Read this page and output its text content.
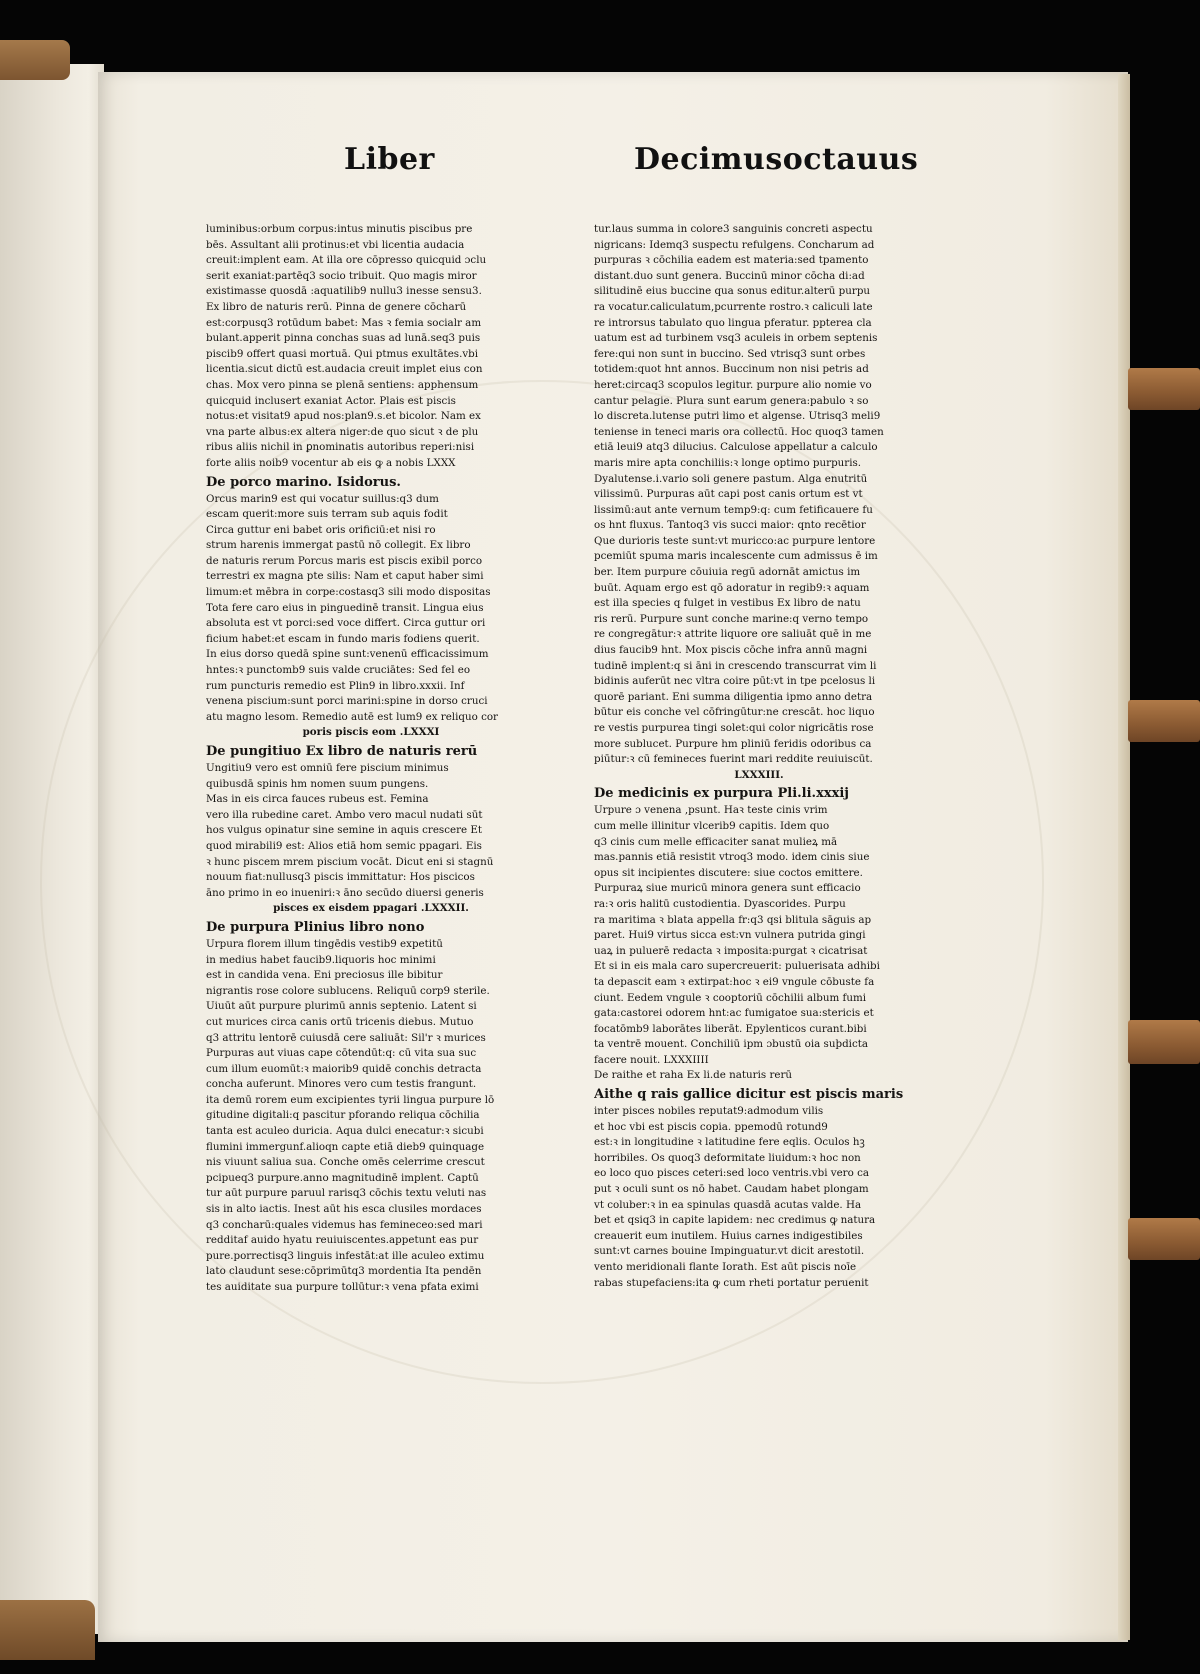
Liber	Decimusoctauus
luminibus:orbum corpus:intus minutis piscibus pre
bēs. Assultant alii protinus:et vbi licentia audacia
creuit:implent eam. At illa ore cōpresso quicquid ɔclu
serit exaniat:partēq3 socio tribuit. Quo magis miror
existimasse quosdā :aquatilib9 nullu3 inesse sensu3.
Ex libro de naturis rerū. Pinna de genere cōcharū
est:corpusq3 rotūdum babet: Mas ꝛ femia socialr am
bulant.apperit pinna conchas suas ad lunā.seq3 puis
piscib9 offert quasi mortuā. Qui ptmus exultātes.vbi
licentia.sicut dictū est.audacia creuit implet eius con
chas. Mox vero pinna se plenā sentiens: apphensum
quicquid inclusert exaniat Actor. Plais est piscis
notus:et visitat9 apud nos:plan9.s.et bicolor. Nam ex
vna parte albus:ex altera niger:de quo sicut ꝛ de plu
ribus aliis nichil in ꝑnominatis autoribus reperi:nisi
forte aliis noib9 vocentur ab eis ꝙ a nobis LXXX
De porco marino. Isidorus.
Orcus marin9 est qui vocatur suillus:q3 dum
escam querit:more suis terram sub aquis fodit
Circa guttur eni babet oris orificiū:et nisi ro
strum harenis immergat pastū nō collegit. Ex libro
de naturis rerum Porcus maris est piscis exibil porco
terrestri ex magna pte silis: Nam et caput haber simi
limum:et mēbra in corpe:costasq3 sili modo dispositas
Tota fere caro eius in pinguedinē transit. Lingua eius
absoluta est vt porci:sed voce differt. Circa guttur ori
ficium habet:et escam in fundo maris fodiens querit.
In eius dorso quedā spine sunt:venenū efficacissimum
hntes:ꝛ punctomb9 suis valde cruciātes: Sed fel eo
rum puncturis remedio est Plin9 in libro.xxxii. Inf
venena piscium:sunt porci marini:spine in dorso cruci
atu magno lesom. Remedio autē est lum9 ex reliquo cor
poris piscis eom .LXXXI
De pungitiuo Ex libro de naturis rerū
Ungitiu9 vero est omniū fere piscium minimus
quibusdā spinis hm nomen suum pungens.
Mas in eis circa fauces rubeus est. Femina
vero illa rubedine caret. Ambo vero macul nudati sūt
hos vulgus opinatur sine semine in aquis crescere Et
quod mirabili9 est: Alios etiā hom semic ppagari. Eis
ꝛ hunc piscem mrem piscium vocāt. Dicut eni si stagnū
nouum fiat:nullusq3 piscis immittatur: Hos piscicos
āno primo in eo inueniri:ꝛ āno secūdo diuersi generis
pisces ex eisdem ppagari .LXXXII.
De purpura Plinius libro nono
Urpura florem illum tingēdis vestib9 expetitū
in medius habet faucib9.liquoris hoc minimi
est in candida vena. Eni preciosus ille bibitur
nigrantis rose colore sublucens. Reliquū corp9 sterile.
Uiuūt aūt purpure plurimū annis septenio. Latent si
cut murices circa canis ortū tricenis diebus. Mutuo
q3 attritu lentorē cuiusdā cere saliuāt: Sil'r ꝛ murices
Purpuras aut viuas cape cōtendūt:q: cū vita sua suc
cum illum euomūt:ꝛ maiorib9 quidē conchis detracta
concha auferunt. Minores vero cum testis frangunt.
ita demū rorem eum excipientes tyrii lingua purpure lō
gitudine digitali:q pascitur pforando reliqua cōchilia
tanta est aculeo duricia. Aqua dulci enecatur:ꝛ sicubi
flumini immergunf.alioqn capte etiā dieb9 quinquage
nis viuunt saliua sua. Conche omēs celerrime crescut
pcipueq3 purpure.anno magnitudinē implent. Captū
tur aūt purpure paruul rarisq3 cōchis textu veluti nas
sis in alto iactis. Inest aūt his esca clusiles mordaces
q3 concharū:quales videmus has femineceo:sed mari
redditaf auido hyatu reuiuiscentes.appetunt eas pur
pure.porrectisq3 linguis infestāt:at ille aculeo extimu
lato claudunt sese:cōprimūtq3 mordentia Ita pendēn
tes auiditate sua purpure tollūtur:ꝛ vena pfata eximi
tur.laus summa in colore3 sanguinis concreti aspectu
nigricans: Idemq3 suspectu refulgens. Concharum ad
purpuras ꝛ cōchilia eadem est materia:sed tpamento
distant.duo sunt genera. Buccinū minor cōcha di:ad
silitudinē eius buccine qua sonus editur.alterū purpu
ra vocatur.caliculatum,pcurrente rostro.ꝛ caliculi late
re introrsus tabulato quo lingua pferatur. ppterea cla
uatum est ad turbinem vsq3 aculeis in orbem septenis
fere:qui non sunt in buccino. Sed vtrisq3 sunt orbes
totidem:quot hnt annos. Buccinum non nisi petris ad
heret:circaq3 scopulos legitur. purpure alio nomie vo
cantur pelagie. Plura sunt earum genera:pabulo ꝛ so
lo discreta.lutense putri limo et algense. Utrisq3 meli9
teniense in teneci maris ora collectū. Hoc quoq3 tamen
etiā leui9 atq3 dilucius. Calculose appellatur a calculo
maris mire apta conchiliis:ꝛ longe optimo purpuris.
Dyalutense.i.vario soli genere pastum. Alga enutritū
vilissimū. Purpuras aūt capi post canis ortum est vt
lissimū:aut ante vernum temp9:q: cum fetificauere fu
os hnt fluxus. Tantoq3 vis succi maior: qnto recētior
Que durioris teste sunt:vt muricco:ac purpure lentore
pcemiūt spuma maris incalescente cum admissus ē im
ber. Item purpure cōuiuia regū adornāt amictus im
buūt. Aquam ergo est qō adoratur in regib9:ꝛ aquam
est illa species q fulget in vestibus Ex libro de natu
ris rerū. Purpure sunt conche marine:q verno tempo
re congregātur:ꝛ attrite liquore ore saliuāt quē in me
dius faucib9 hnt. Mox piscis cōche infra annū magni
tudinē implent:q si āni in crescendo transcurrat vim li
bidinis auferūt nec vltra coire pūt:vt in tpe pcelosus li
quorē pariant. Eni summa diligentia ipmo anno detra
būtur eis conche vel cōfringūtur:ne crescāt. hoc liquo
re vestis purpurea tingi solet:qui color nigricātis rose
more sublucet. Purpure hm pliniū feridis odoribus ca
piūtur:ꝛ cū femineces fuerint mari reddite reuiuiscūt.
LXXXIII.
De medicinis ex purpura Pli.li.xxxij
Urpure ɔ venena ,psunt. Haꝛ teste cinis vrim
cum melle illinitur vlcerib9 capitis. Idem quo
q3 cinis cum melle efficaciter sanat mulieꝝ mā
mas.pannis etiā resistit vtroq3 modo. idem cinis siue
opus sit incipientes discutere: siue coctos emittere.
Purpuraꝝ siue muricū minora genera sunt efficacio
ra:ꝛ oris halitū custodientia. Dyascorides. Purpu
ra maritima ꝛ blata appella fr:q3 qsi blitula sāguis ap
paret. Hui9 virtus sicca est:vn vulnera putrida gingi
uaꝝ in puluerē redacta ꝛ imposita:purgat ꝛ cicatrisat
Et si in eis mala caro supercreuerit: puluerisata adhibi
ta depascit eam ꝛ extirpat:hoc ꝛ ei9 vngule cōbuste fa
ciunt. Eedem vngule ꝛ cooptoriū cōchilii album fumi
gata:castorei odorem hnt:ac fumigatoe sua:stericis et
focatōmb9 laborātes liberāt. Epylenticos curant.bibi
ta ventrē mouent. Conchiliū ipm ɔbustū oia suþdicta
facere nouit. LXXXIIII
De raithe et raha Ex li.de naturis rerū
Aithe q rais gallice dicitur est piscis maris
inter pisces nobiles reputat9:admodum vilis
et hoc vbi est piscis copia. ppemodū rotund9
est:ꝛ in longitudine ꝛ latitudine fere eqlis. Oculos hꝫ
horribiles. Os quoq3 deformitate liuidum:ꝛ hoc non
eo loco quo pisces ceteri:sed loco ventris.vbi vero ca
put ꝛ oculi sunt os nō habet. Caudam habet plongam
vt coluber:ꝛ in ea spinulas quasdā acutas valde. Ha
bet et qsiq3 in capite lapidem: nec credimus ꝙ natura
creauerit eum inutilem. Huius carnes indigestibiles
sunt:vt carnes bouine Impinguatur.vt dicit arestotil.
vento meridionali flante Iorath. Est aūt piscis noīe
rabas stupefaciens:ita ꝙ cum rheti portatur peruenit
